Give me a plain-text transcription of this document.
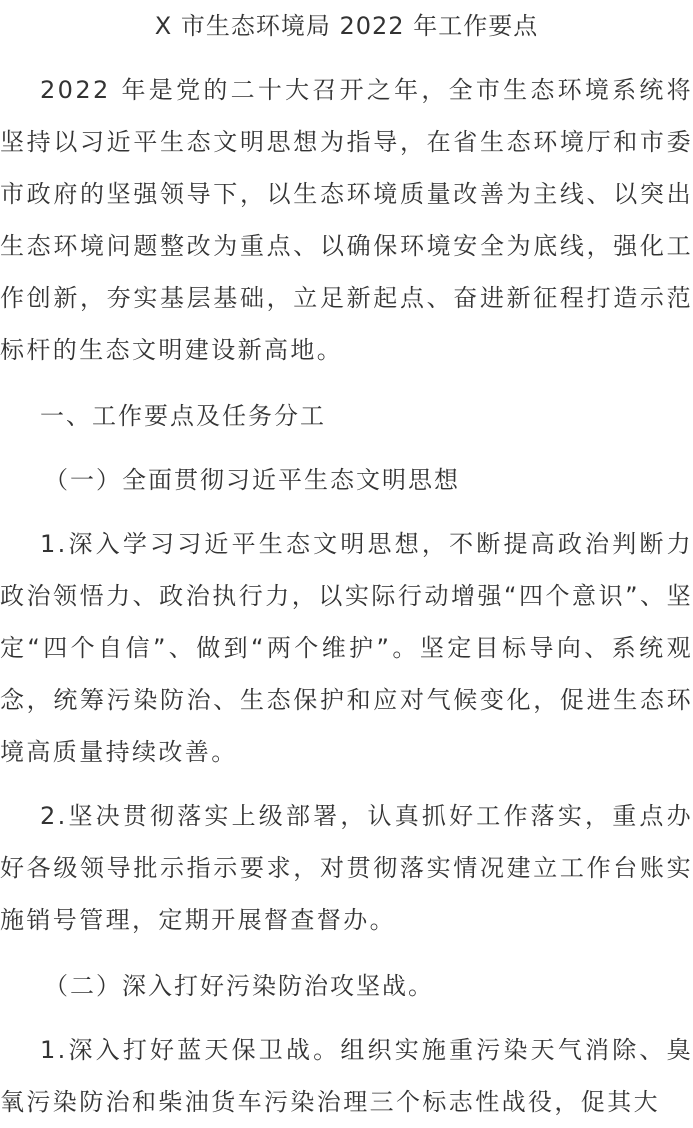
X 市生态环境局 2022 年工作要点

2022 年是党的二十大召开之年，全市生态环境系统将坚持以习近平生态文明思想为指导，在省生态环境厅和市委市政府的坚强领导下，以生态环境质量改善为主线、以突出生态环境问题整改为重点、以确保环境安全为底线，强化工作创新，夯实基层基础，立足新起点、奋进新征程打造示范标杆的生态文明建设新高地。

一、工作要点及任务分工
（一）全面贯彻习近平生态文明思想

1.深入学习习近平生态文明思想，不断提高政治判断力政治领悟力、政治执行力，以实际行动增强“四个意识”、坚定“四个自信”、做到“两个维护”。坚定目标导向、系统观念，统筹污染防治、生态保护和应对气候变化，促进生态环境高质量持续改善。

2.坚决贯彻落实上级部署，认真抓好工作落实，重点办好各级领导批示指示要求，对贯彻落实情况建立工作台账实施销号管理，定期开展督查督办。

（二）深入打好污染防治攻坚战。

1.深入打好蓝天保卫战。组织实施重污染天气消除、臭氧污染防治和柴油货车污染治理三个标志性战役，促其大
